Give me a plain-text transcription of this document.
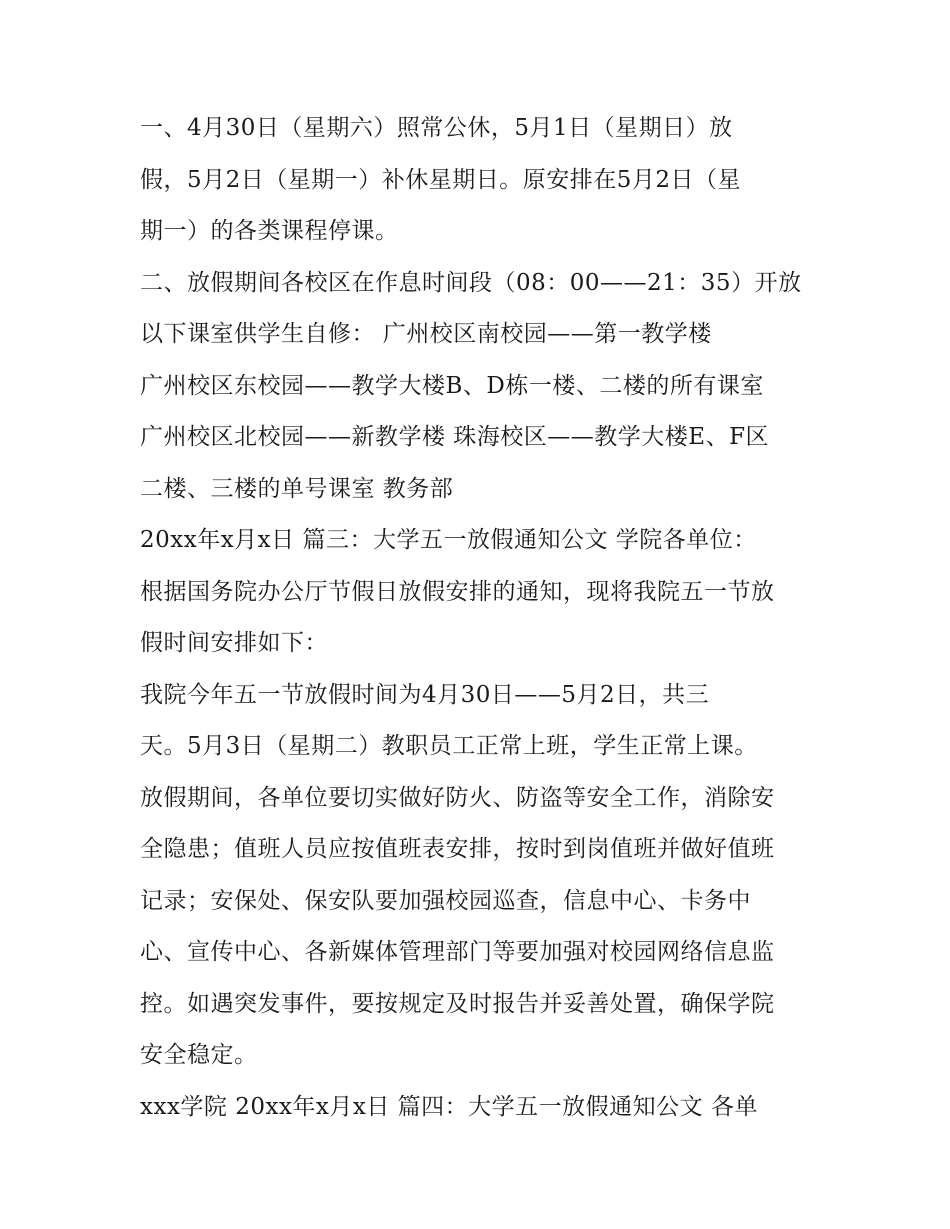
一、4月30日（星期六）照常公休，5月1日（星期日）放
假，5月2日（星期一）补休星期日。原安排在5月2日（星
期一）的各类课程停课。
二、放假期间各校区在作息时间段（08：00——21：35）开放
以下课室供学生自修： 广州校区南校园——第一教学楼
广州校区东校园——教学大楼B、D栋一楼、二楼的所有课室
广州校区北校园——新教学楼 珠海校区——教学大楼E、F区
二楼、三楼的单号课室 教务部
20xx年x月x日 篇三：大学五一放假通知公文 学院各单位：
根据国务院办公厅节假日放假安排的通知，现将我院五一节放
假时间安排如下：
我院今年五一节放假时间为4月30日——5月2日，共三
天。5月3日（星期二）教职员工正常上班，学生正常上课。
放假期间，各单位要切实做好防火、防盗等安全工作，消除安
全隐患；值班人员应按值班表安排，按时到岗值班并做好值班
记录；安保处、保安队要加强校园巡查，信息中心、卡务中
心、宣传中心、各新媒体管理部门等要加强对校园网络信息监
控。如遇突发事件，要按规定及时报告并妥善处置，确保学院
安全稳定。
xxx学院 20xx年x月x日 篇四：大学五一放假通知公文 各单
